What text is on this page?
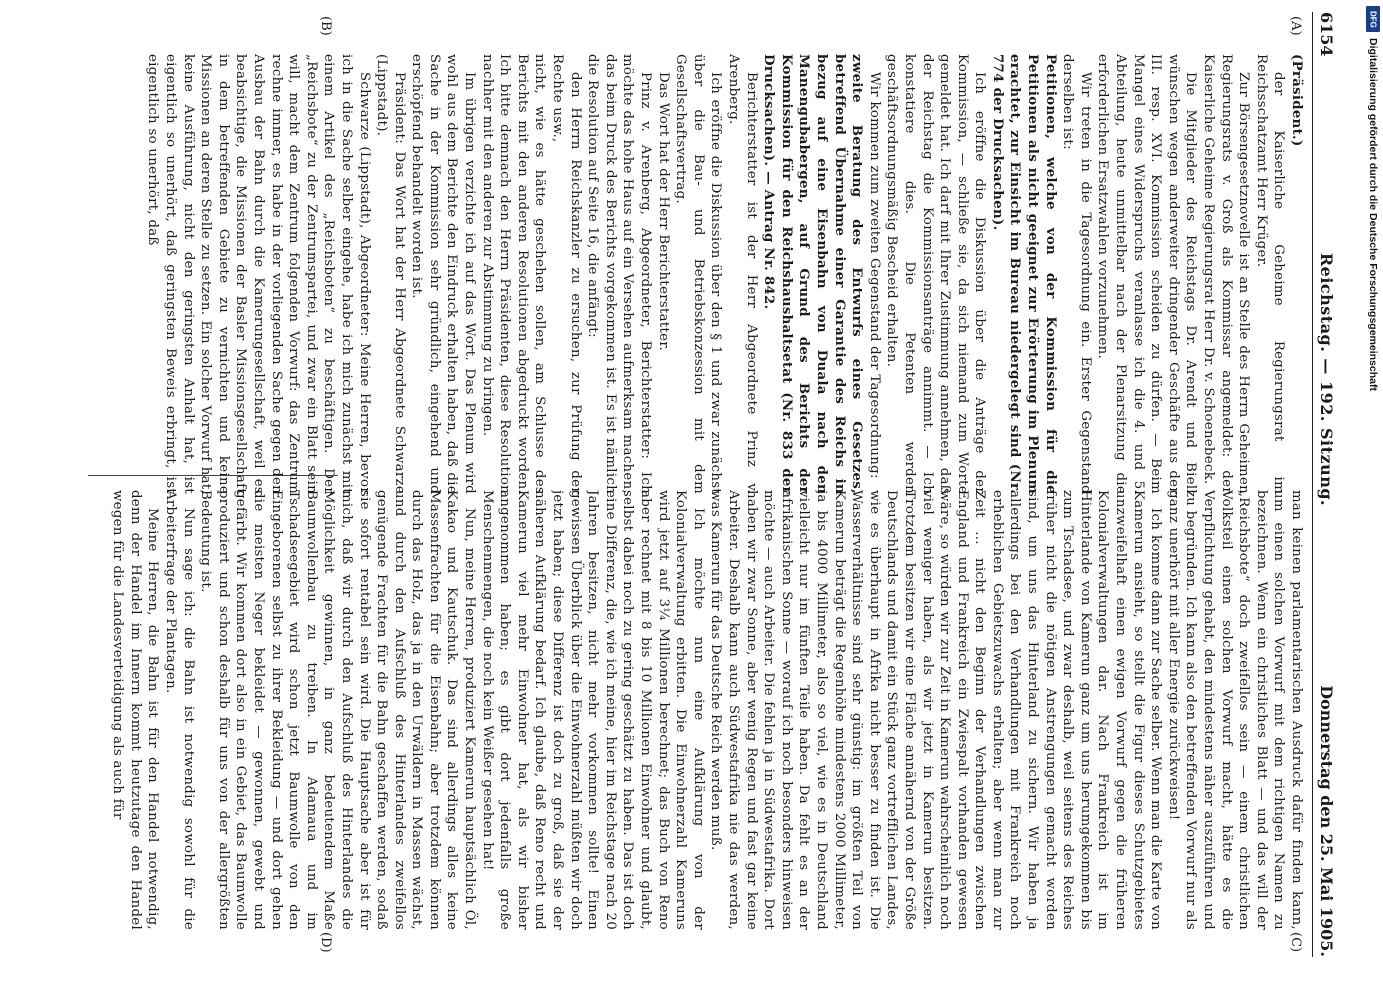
6154
Reichstag. — 192. Sitzung.
Donnerstag den 25. Mai 1905.
(A)
(B)
(C)
(D)

(Präsident.)

der Kaiserliche Geheime Regierungsrat im Reichsschatzamt Herr Krüger.

Zur Börsengesetznovelle ist an Stelle des Herrn Geheimen Regierungsrats v. Groß als Kommissar angemeldet: der Kaiserliche Geheime Regierungsrat Herr Dr. v. Schoenebeck.

Die Mitglieder des Reichstags Dr. Arendt und Biell wünschen wegen anderweiter dringender Geschäfte aus der III. resp. XVI. Kommission scheiden zu dürfen. — Beim Mangel eines Widerspruchs veranlasse ich die 4. und 5. Abteilung, heute unmittelbar nach der Plenarsitzung die erforderlichen Ersatzwahlen vorzunehmen.

Wir treten in die Tagesordnung ein. Erster Gegenstand derselben ist:

Petitionen, welche von der Kommission für die Petitionen als nicht geeignet zur Erörterung im Plenum erachtet, zur Einsicht im Bureau niedergelegt sind (Nr. 774 der Drucksachen).

Ich eröffne die Diskussion über die Anträge der Kommission, — schließe sie, da sich niemand zum Worte gemeldet hat. Ich darf mit Ihrer Zustimmung annehmen, daß der Reichstag die Kommissionsanträge annimmt. — Ich konstatiere dies. Die Petenten werden geschäftsordnungsmäßig Bescheid erhalten.

Wir kommen zum zweiten Gegenstand der Tagesordnung:

zweite Beratung des Entwurfs eines Gesetzes, betreffend Übernahme einer Garantie des Reichs in bezug auf eine Eisenbahn von Duala nach den Manengubabergen, auf Grund des Berichts der Kommission für den Reichshaushaltsetat (Nr. 833 der Drucksachen). — Antrag Nr. 842.

Berichterstatter ist der Herr Abgeordnete Prinz v. Arenberg.

Ich eröffne die Diskussion über den § 1 und zwar zunächst über die Bau- und Betriebskonzession mit dem Gesellschaftsvertrag.

Das Wort hat der Herr Berichterstatter.

Prinz v. Arenberg, Abgeordneter, Berichterstatter: Ich möchte das hohe Haus auf ein Versehen aufmerksam machen, das beim Druck des Berichts vorgekommen ist. Es ist nämlich die Resolution auf Seite 16, die anfängt:

den Herrn Reichskanzler zu ersuchen, zur Prüfung der Rechte usw.,

nicht, wie es hätte geschehen sollen, am Schlusse des Berichts mit den anderen Resolutionen abgedruckt worden. Ich bitte demnach den Herrn Präsidenten, diese Resolution nachher mit den anderen zur Abstimmung zu bringen.

Im übrigen verzichte ich auf das Wort. Das Plenum wird wohl aus dem Berichte den Eindruck erhalten haben, daß die Sache in der Kommission sehr gründlich, eingehend und erschöpfend behandelt worden ist.

Präsident: Das Wort hat der Herr Abgeordnete Schwarze (Lippstadt).

Schwarze (Lippstadt), Abgeordneter: Meine Herren, bevor ich in die Sache selber eingehe, habe ich mich zunächst mit einem Artikel des „Reichsboten“ zu beschäftigen. Der „Reichsbote“ zu der Zentrumspartei, und zwar ein Blatt sein will, macht dem Zentrum folgenden Vorwurf: das Zentrum rechne immer, es habe in der vorliegenden Sache gegen den Ausbau der Bahn durch die Kamerungesellschaft, weil es beabsichtige, die Missionen der Basler Missionsgesellschaft in dem betreffenden Gebiete zu vernichten und keine Missionen an deren Stelle zu setzen. Ein solcher Vorwurf hat, keine Ausführung, nicht den geringsten Anhalt hat, ist eigentlich so unerhört, daß geringsten Beweis erbringt, ist eigentlich so unerhört, daß

man keinen parlamentarischen Ausdruck dafür finden kann, um einen solchen Vorwurf mit dem richtigen Namen zu bezeichnen. Wenn ein christliches Blatt — und das will der „Reichsbote“ doch zweifellos sein — einem christlichen Volksteil einen solchen Vorwurf macht, hätte es die Verpflichtung gehabt, den mindestens näher auszuführen und zu begründen. Ich kann also den betreffenden Vorwurf nur als ganz unerhört mit aller Energie zurückweisen!

Ich komme dann zur Sache selber. Wenn man die Karte von Kamerun ansieht, so stellt die Figur dieses Schutzgebietes unzweifelhaft einen ewigen Vorwurf gegen die früheren Kolonialverwaltungen dar. Nach Frankreich ist im Hinterlande von Kamerun ganz um uns herumgekommen bis zum Tschadsee, und zwar deshalb, weil seitens des Reiches früher nicht die nötigen Anstrengungen gemacht worden sind, um uns das Hinterland zu sichern. Wir haben ja allerdings bei den Verhandlungen mit Frankreich noch erheblichen Gebietszuwachs erhalten; aber wenn man zur Zeit ... nicht den Beginn der Verhandlungen zwischen England und Frankreich ein Zwiespalt vorhanden gewesen wäre, so würden wir zur Zeit in Kamerun wahrscheinlich noch viel weniger haben, als wir jetzt in Kamerun besitzen. Trotzdem besitzen wir eine Fläche annähernd von der Größe Deutschlands und damit ein Stück ganz vortrefflichen Landes, wie es überhaupt in Afrika nicht besser zu finden ist. Die Wasserverhältnisse sind sehr günstig: im größten Teil von Kamerun beträgt die Regenhöhe mindestens 2000 Millimeter, ja bis 4000 Millimeter, also so viel, wie es in Deutschland vielleicht nur im fünften Teile haben. Da fehlt es an der afrikanischen Sonne — worauf ich noch besonders hinweisen möchte — auch Arbeiter. Die fehlen ja in Südwestafrika. Dort haben wir zwar Sonne, aber wenig Regen und fast gar keine Arbeiter. Deshalb kann auch Südwestafrika nie das werden, was Kamerun für das Deutsche Reich werden muß.

Ich möchte nun eine Aufklärung von der Kolonialverwaltung erbitten. Die Einwohnerzahl Kameruns wird jetzt auf 3¼ Millionen berechnet; das Buch von Reno aber rechnet mit 8 bis 10 Millionen Einwohner und glaubt, selbst dabei noch zu gering geschätzt zu haben. Das ist doch eine Differenz, die, wie ich meine, hier im Reichstage nach 20 Jahren besitzen, nicht mehr vorkommen sollte! Einen gewissen Überblick über die Einwohnerzahl müßten wir doch jetzt haben; diese Differenz ist doch zu groß, daß sie der näheren Aufklärung bedarf. Ich glaube, daß Reno recht und Kamerun viel mehr Einwohner hat, als wir bisher angenommen haben; es gibt dort jedenfalls große Menschenmengen, die noch kein Weißer gesehen hat!

Nun, meine Herren, produziert Kamerun hauptsächlich Öl, Kakao und Kautschuk. Das sind allerdings alles keine Massenfrachten für die Eisenbahn; aber trotzdem können durch das Holz, das ja in den Urwäldern in Massen wächst, und durch den Aufschluß des Hinterlandes zweifellos genügende Frachten für die Bahn geschaffen werden, sodaß sie sofort rentabel sein wird. Die Hauptsache aber ist für mich, daß wir durch den Aufschluß des Hinterlandes die Möglichkeit gewinnen, in ganz bedeutendem Maße Baumwollenbau zu treiben. In Adamaua und im Tschadseegebiet wird schon jetzt Baumwolle von den Eingeborenen selbst zu ihrer Bekleidung — und dort gehen die meisten Neger bekleidet — gewonnen, gewebt und gefärbt. Wir kommen dort also in ein Gebiet, das Baumwolle produziert und schon deshalb für uns von der allergrößten Bedeutung ist.

Nun sage ich: die Bahn ist notwendig sowohl für die Arbeiterfrage der Plantagen.

Meine Herren, die Bahn ist für den Handel notwendig, denn der Handel im Innern kommt heutzutage den Handel wegen für die Landesverteidigung als auch für

DFG
Digitalisierung gefördert durch die Deutsche Forschungsgemeinschaft
